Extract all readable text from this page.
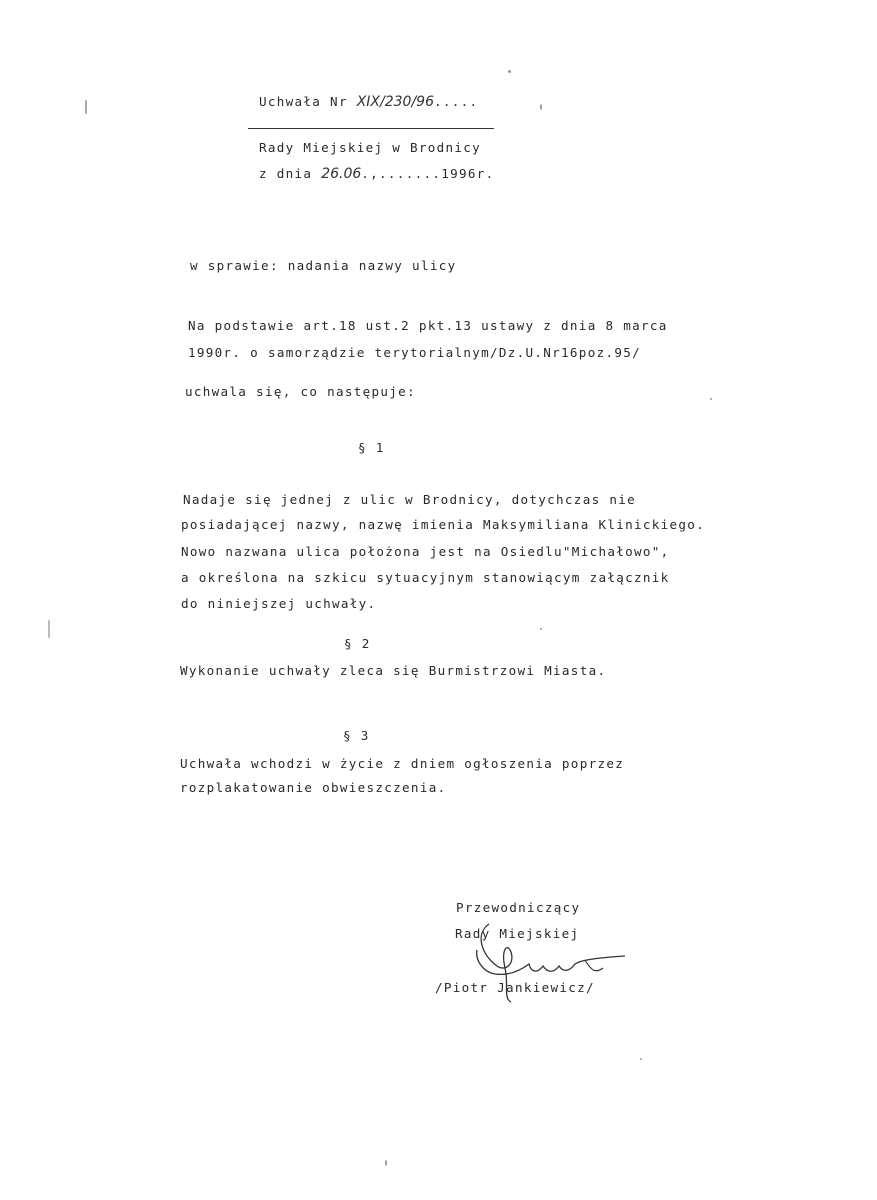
Uchwała Nr XIX/230/96.....
Rady Miejskiej w Brodnicy
z dnia 26.06.,.......1996r.
w sprawie: nadania nazwy ulicy
Na podstawie art.18 ust.2 pkt.13 ustawy z dnia 8 marca
1990r. o samorządzie terytorialnym/Dz.U.Nr16poz.95/
uchwala się, co następuje:
§ 1
Nadaje się jednej z ulic w Brodnicy, dotychczas nie
posiadającej nazwy, nazwę imienia Maksymiliana Klinickiego.
Nowo nazwana ulica położona jest na Osiedlu"Michałowo",
a określona na szkicu sytuacyjnym stanowiącym załącznik
do niniejszej uchwały.
§ 2
Wykonanie uchwały zleca się Burmistrzowi Miasta.
§ 3
Uchwała wchodzi w życie z dniem ogłoszenia poprzez
rozplakatowanie obwieszczenia.
Przewodniczący
Rady Miejskiej
/Piotr Jankiewicz/
